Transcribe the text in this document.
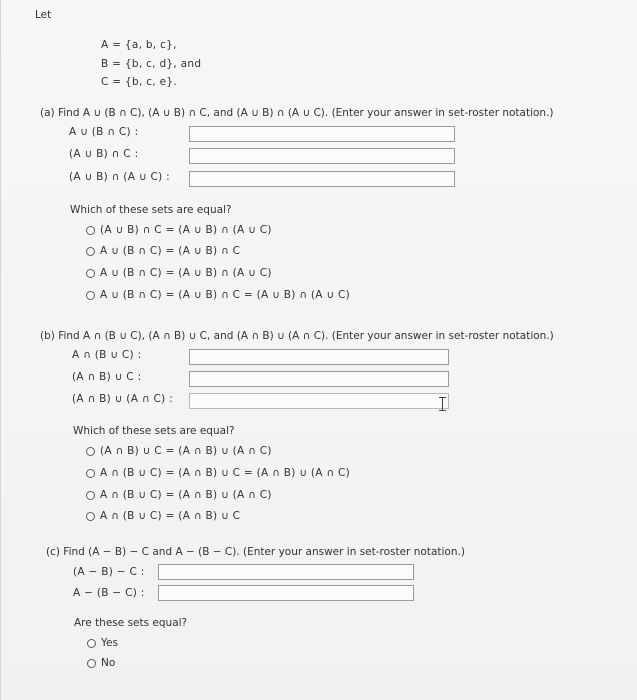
Let
A = {a, b, c},
B = {b, c, d}, and
C = {b, c, e}.
(a) Find A ∪ (B ∩ C), (A ∪ B) ∩ C, and (A ∪ B) ∩ (A ∪ C). (Enter your answer in set-roster notation.)
A ∪ (B ∩ C) :
(A ∪ B) ∩ C :
(A ∪ B) ∩ (A ∪ C) :
Which of these sets are equal?
(A ∪ B) ∩ C = (A ∪ B) ∩ (A ∪ C)
A ∪ (B ∩ C) = (A ∪ B) ∩ C
A ∪ (B ∩ C) = (A ∪ B) ∩ (A ∪ C)
A ∪ (B ∩ C) = (A ∪ B) ∩ C = (A ∪ B) ∩ (A ∪ C)
(b) Find A ∩ (B ∪ C), (A ∩ B) ∪ C, and (A ∩ B) ∪ (A ∩ C). (Enter your answer in set-roster notation.)
A ∩ (B ∪ C) :
(A ∩ B) ∪ C :
(A ∩ B) ∪ (A ∩ C) :
Which of these sets are equal?
(A ∩ B) ∪ C = (A ∩ B) ∪ (A ∩ C)
A ∩ (B ∪ C) = (A ∩ B) ∪ C = (A ∩ B) ∪ (A ∩ C)
A ∩ (B ∪ C) = (A ∩ B) ∪ (A ∩ C)
A ∩ (B ∪ C) = (A ∩ B) ∪ C
(c) Find (A − B) − C and A − (B − C). (Enter your answer in set-roster notation.)
(A − B) − C :
A − (B − C) :
Are these sets equal?
Yes
No
